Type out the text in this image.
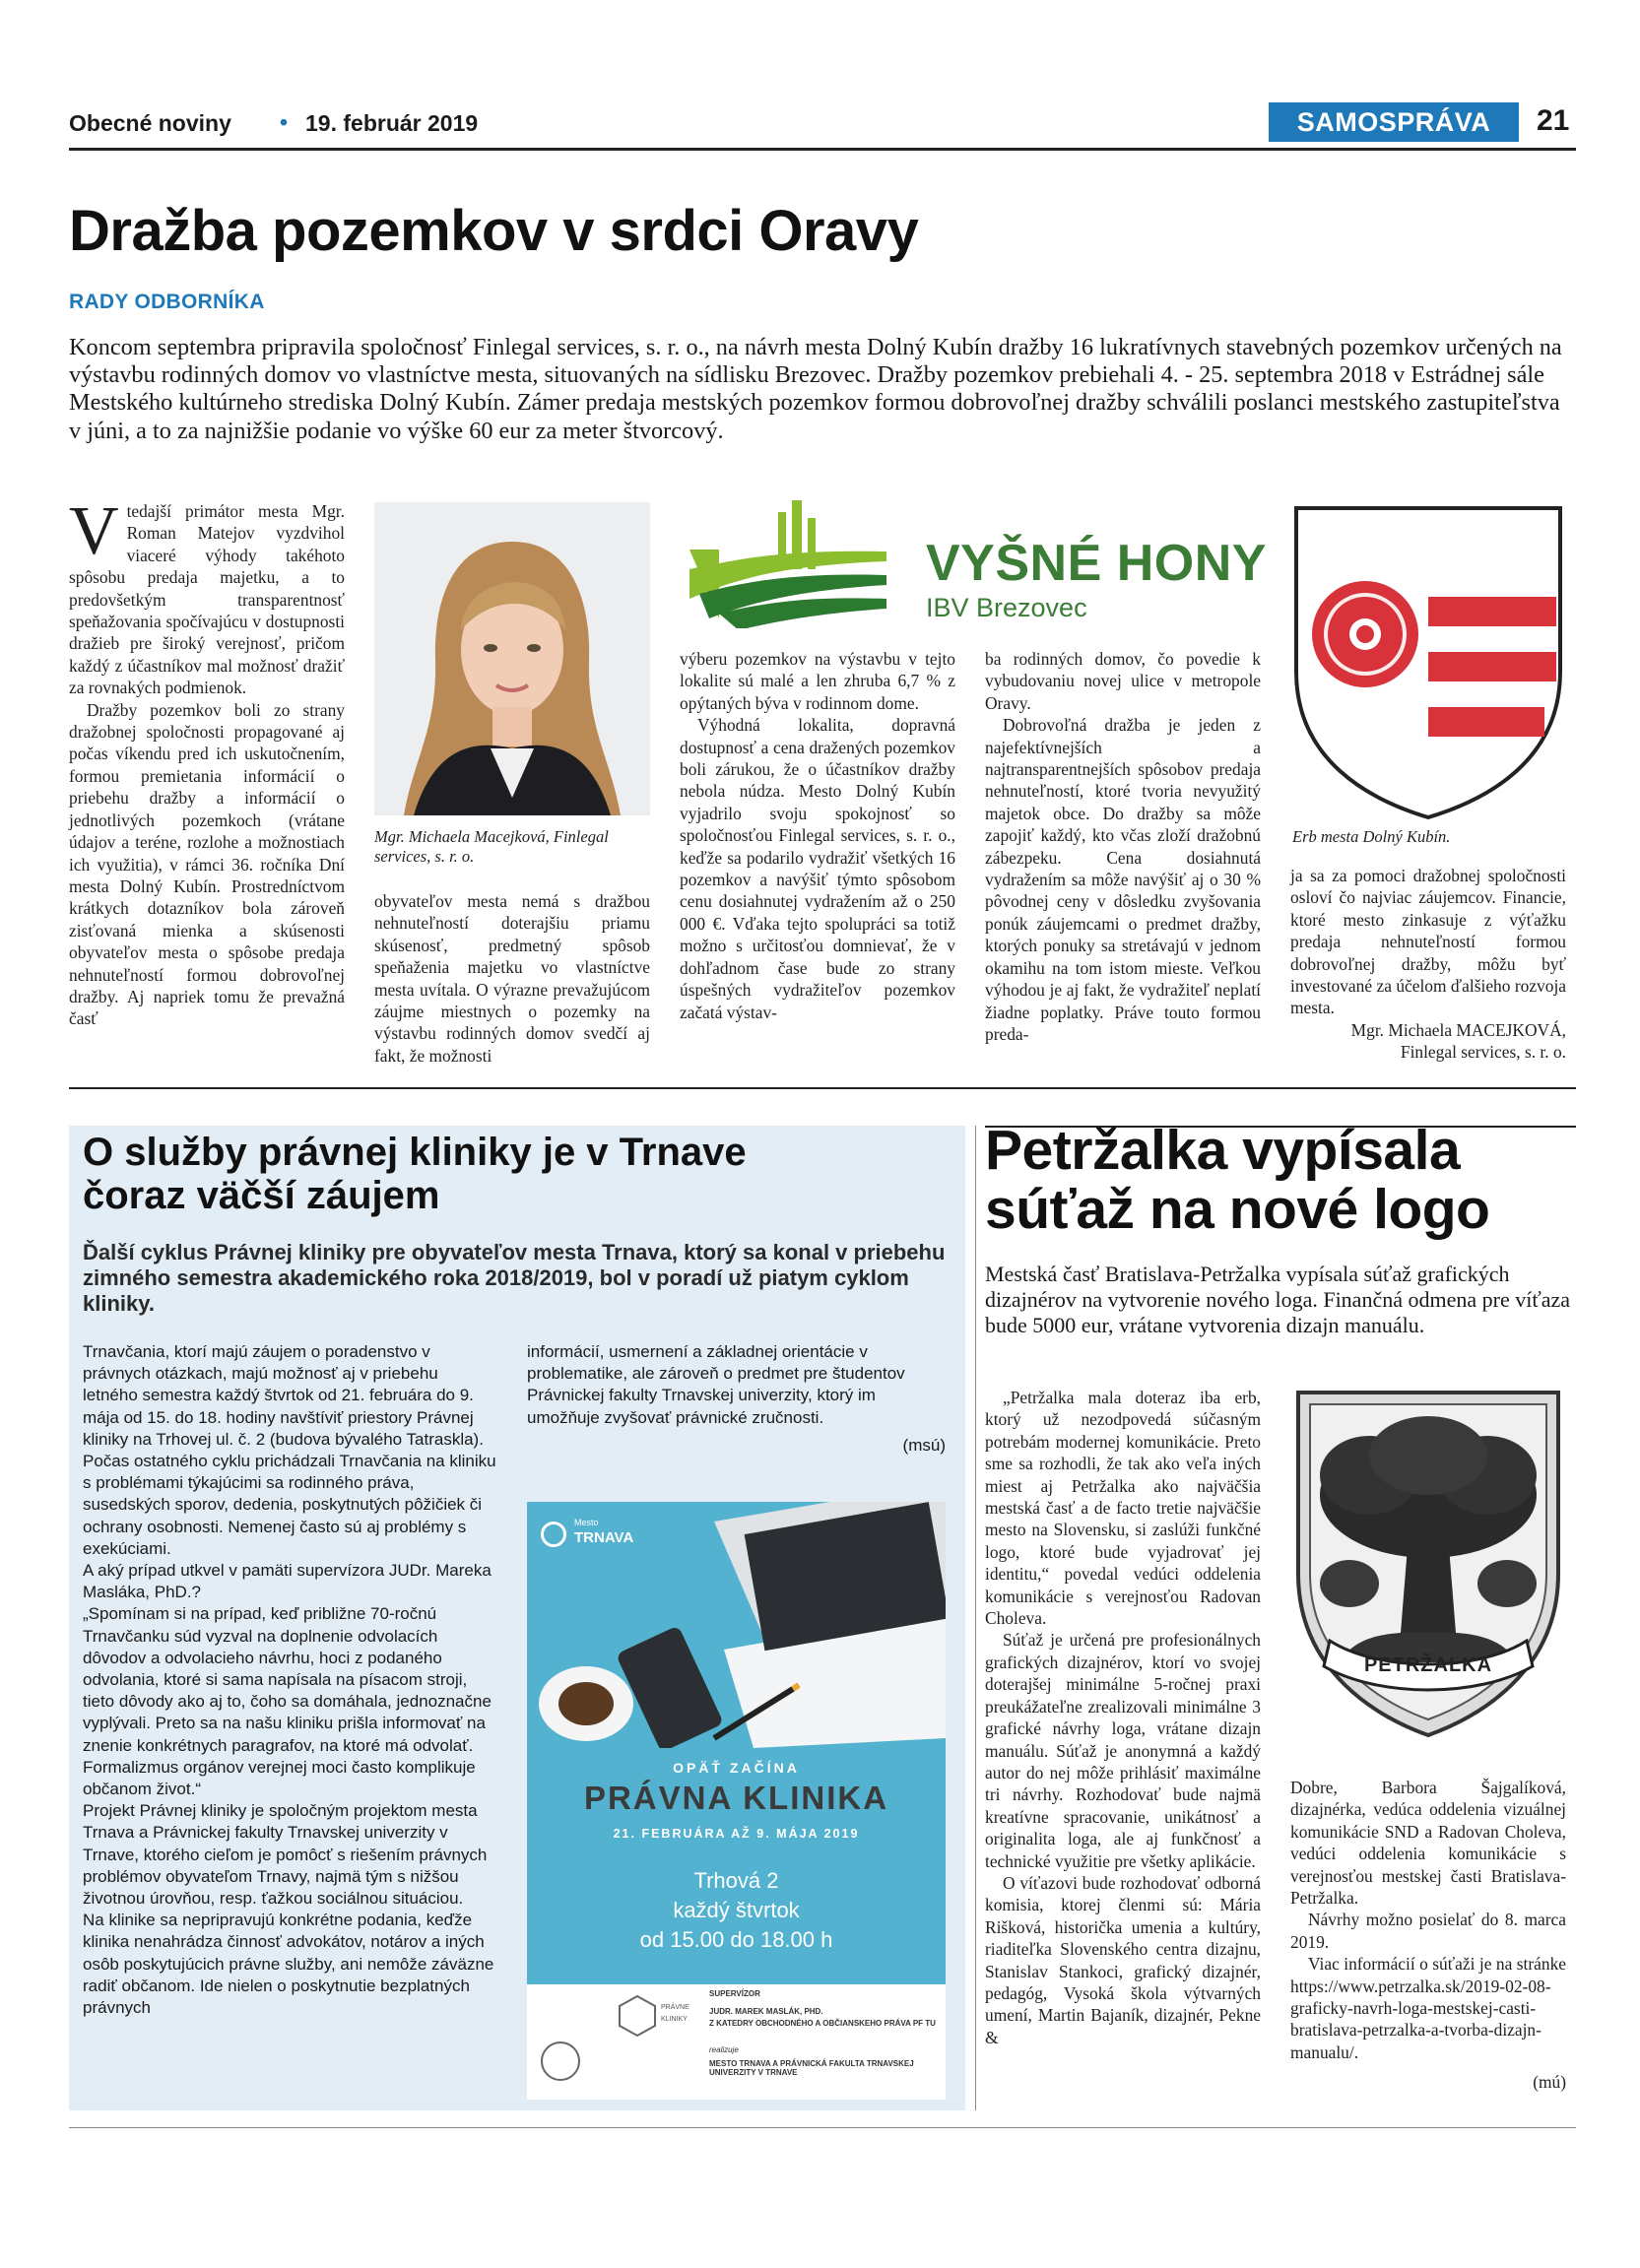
Obecné noviny • 19. február 2019	SAMOSPRÁVA	21
Dražba pozemkov v srdci Oravy
RADY ODBORNÍKA
Koncom septembra pripravila spoločnosť Finlegal services, s. r. o., na návrh mesta Dolný Kubín dražby 16 lukratívnych stavebných pozemkov určených na výstavbu rodinných domov vo vlastníctve mesta, situovaných na sídlisku Brezovec. Dražby pozemkov prebiehali 4. - 25. septembra 2018 v Estrádnej sále Mestského kultúrneho strediska Dolný Kubín. Zámer predaja mestských pozemkov formou dobrovoľnej dražby schválili poslanci mestského zastupiteľstva v júni, a to za najnižšie podanie vo výške 60 eur za meter štvorcový.
V tedajší primátor mesta Mgr. Roman Matejov vyzdvihol viaceré výhody takéhoto spôsobu predaja majetku, a to predovšetkým transparentnosť speňažovania spočívajúcu v dostupnosti dražieb pre široký verejnosť, pričom každý z účastníkov mal možnosť dražiť za rovnakých podmienok.

Dražby pozemkov boli zo strany dražobnej spoločnosti propagované aj počas víkendu pred ich uskutočnením, formou premietania informácií o priebehu dražby a informácií o jednotlivých pozemkoch (vrátane údajov a teréne, rozlohe a možnostiach ich využitia), v rámci 36. ročníka Dní mesta Dolný Kubín. Prostredníctvom krátkych dotazníkov bola zároveň zisťovaná mienka a skúsenosti obyvateľov mesta o spôsobe predaja nehnuteľností formou dobrovoľnej dražby. Aj napriek tomu že prevažná časť

Mgr. Michaela Macejková, Finlegal services, s. r. o.
obyvateľov mesta nemá s dražbou nehnuteľností doterajšiu priamu skúsenosť, predmetný spôsob speňaženia majetku vo vlastníctve mesta uvítala. O výrazne prevažujúcom záujme miestnych o pozemky na výstavbu rodinných domov svedčí aj fakt, že možnosti
VYŠNÉ HONY
IBV Brezovec
výberu pozemkov na výstavbu v tejto lokalite sú malé a len zhruba 6,7 % z opýtaných býva v rodinnom dome.

Výhodná lokalita, dopravná dostupnosť a cena dražených pozemkov boli zárukou, že o účastníkov dražby nebola núdza. Mesto Dolný Kubín vyjadrilo svoju spokojnosť so spoločnosťou Finlegal services, s. r. o., keďže sa podarilo vydražiť všetkých 16 pozemkov a navýšiť týmto spôsobom cenu dosiahnutej vydražením až o 250 000 €. Vďaka tejto spolupráci sa totiž možno s určitosťou domnievať, že v dohľadnom čase bude zo strany úspešných vydražiteľov pozemkov začatá výstav-

ba rodinných domov, čo povedie k vybudovaniu novej ulice v metropole Oravy.

Dobrovoľná dražba je jeden z najefektívnejších a najtransparentnejších spôsobov predaja nehnuteľností, ktoré tvoria nevyužitý majetok obce. Do dražby sa môže zapojiť každý, kto včas zloží dražobnú zábezpeku. Cena dosiahnutá vydražením sa môže navýšiť aj o 30 % pôvodnej ceny v dôsledku zvyšovania ponúk záujemcami o predmet dražby, ktorých ponuky sa stretávajú v jednom okamihu na tom istom mieste. Veľkou výhodou je aj fakt, že vydražiteľ neplatí žiadne poplatky. Práve touto formou preda-

Erb mesta Dolný Kubín.
ja sa za pomoci dražobnej spoločnosti osloví čo najviac záujemcov. Financie, ktoré mesto zinkasuje z výťažku predaja nehnuteľností formou dobrovoľnej dražby, môžu byť investované za účelom ďalšieho rozvoja mesta.
Mgr. Michaela MACEJKOVÁ,
Finlegal services, s. r. o.
O služby právnej kliniky je v Trnave
čoraz väčší záujem
Ďalší cyklus Právnej kliniky pre obyvateľov mesta Trnava, ktorý sa konal v priebehu zimného semestra akademického roka 2018/2019, bol v poradí už piatym cyklom kliniky.

Trnavčania, ktorí majú záujem o poradenstvo v právnych otázkach, majú možnosť aj v priebehu letného semestra každý štvrtok od 21. februára do 9. mája od 15. do 18. hodiny navštíviť priestory Právnej kliniky na Trhovej ul. č. 2 (budova bývalého Tatraskla).

Počas ostatného cyklu prichádzali Trnavčania na kliniku s problémami týkajúcimi sa rodinného práva, susedských sporov, dedenia, poskytnutých pôžičiek či ochrany osobnosti. Nemenej často sú aj problémy s exekúciami.

A aký prípad utkvel v pamäti supervízora JUDr. Mareka Masláka, PhD.?

„Spomínam si na prípad, keď približne 70-ročnú Trnavčanku súd vyzval na doplnenie odvolacích dôvodov a odvolacieho návrhu, hoci z podaného odvolania, ktoré si sama napísala na písacom stroji, tieto dôvody ako aj to, čoho sa domáhala, jednoznačne vyplývali. Preto sa na našu kliniku prišla informovať na znenie konkrétnych paragrafov, na ktoré má odvolať. Formalizmus orgánov verejnej moci často komplikuje občanom život.“

Projekt Právnej kliniky je spoločným projektom mesta Trnava a Právnickej fakulty Trnavskej univerzity v Trnave, ktorého cieľom je pomôcť s riešením právnych problémov obyvateľom Trnavy, najmä tým s nižšou životnou úrovňou, resp. ťažkou sociálnou situáciou.

Na klinike sa nepripravujú konkrétne podania, keďže klinika nenahrádza činnosť advokátov, notárov a iných osôb poskytujúcich právne služby, ani nemôže záväzne radiť občanom. Ide nielen o poskytnutie bezplatných právnych

informácií, usmernení a základnej orientácie v problematike, ale zároveň o predmet pre študentov Právnickej fakulty Trnavskej univerzity, ktorý im umožňuje zvyšovať právnické zručnosti.

(msú)
Mesto
TRNAVA
OPÄŤ ZAČÍNA
PRÁVNA KLINIKA
21. FEBRUÁRA AŽ 9. MÁJA 2019
Trhová 2
každý štvrtok
od 15.00 do 18.00 h
PRÁVNE
KLINIKY
SUPERVÍZOR
JUDR. MAREK MASLÁK, PHD.
Z KATEDRY OBCHODNÉHO A OBČIANSKEHO PRÁVA PF TU
realizuje
MESTO TRNAVA A PRÁVNICKÁ FAKULTA TRNAVSKEJ UNIVERZITY V TRNAVE
Petržalka vypísala
súťaž na nové logo
Mestská časť Bratislava-Petržalka vypísala súťaž grafických dizajnérov na vytvorenie nového loga. Finančná odmena pre víťaza bude 5000 eur, vrátane vytvorenia dizajn manuálu.

„Petržalka mala doteraz iba erb, ktorý už nezodpovedá súčasným potrebám modernej komunikácie. Preto sme sa rozhodli, že tak ako veľa iných miest aj Petržalka ako najväčšia mestská časť a de facto tretie najväčšie mesto na Slovensku, si zaslúži funkčné logo, ktoré bude vyjadrovať jej identitu,“ povedal vedúci oddelenia komunikácie s verejnosťou Radovan Choleva.

Súťaž je určená pre profesionálnych grafických dizajnérov, ktorí vo svojej doterajšej minimálne 5-ročnej praxi preukážateľne zrealizovali minimálne 3 grafické návrhy loga, vrátane dizajn manuálu. Súťaž je anonymná a každý autor do nej môže prihlásiť maximálne tri návrhy. Rozhodovať bude najmä kreatívne spracovanie, unikátnosť a originalita loga, ale aj funkčnosť a technické využitie pre všetky aplikácie.

O víťazovi bude rozhodovať odborná komisia, ktorej členmi sú: Mária Rišková, historička umenia a kultúry, riaditeľka Slovenského centra dizajnu, Stanislav Stankoci, grafický dizajnér, pedagóg, Vysoká škola výtvarných umení, Martin Bajaník, dizajnér, Pekne &

PETRŽALKA
Dobre, Barbora Šajgalíková, dizajnérka, vedúca oddelenia vizuálnej komunikácie SND a Radovan Choleva, vedúci oddelenia komunikácie s verejnosťou mestskej časti Bratislava-Petržalka.

Návrhy možno posielať do 8. marca 2019.

Viac informácií o súťaži je na stránke https://www.petrzalka.sk/2019-02-08-graficky-navrh-loga-mestskej-casti-bratislava-petrzalka-a-tvorba-dizajn-manualu/.

(mú)
